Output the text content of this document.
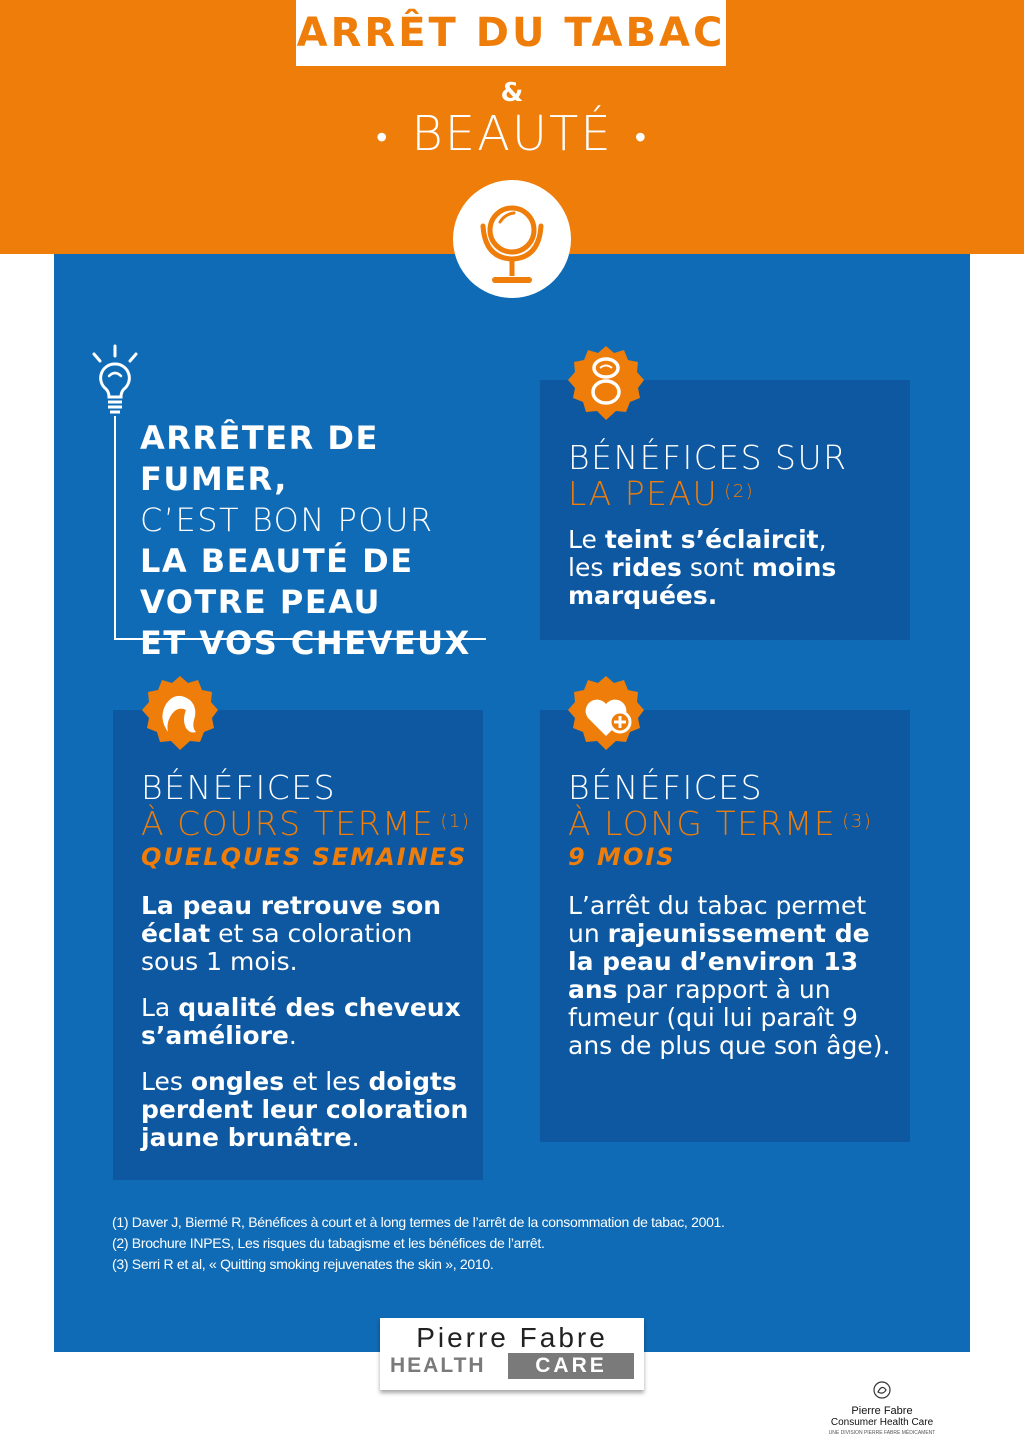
ARRÊT DU TABAC
&
• BEAUTÉ •
ARRÊTER DE FUMER,
C’EST BON POUR
LA BEAUTÉ DE
VOTRE PEAU
ET VOS CHEVEUX
BÉNÉFICES SUR
LA PEAU $^{(2)}$
Le teint s’éclaircit,
les rides sont moins marquées.
BÉNÉFICES
À COURS TERME $^{(1)}$
QUELQUES SEMAINES

La peau retrouve son éclat et sa coloration sous 1 mois.

La qualité des cheveux s’améliore.

Les ongles et les doigts perdent leur coloration jaune brunâtre.

BÉNÉFICES
À LONG TERME $^{(3)}$
9 MOIS
L’arrêt du tabac permet un rajeunissement de la peau d’environ 13 ans par rapport à un fumeur (qui lui paraît 9 ans de plus que son âge).
(1) Daver J, Biermé R, Bénéfices à court et à long termes de l’arrêt de la consommation de tabac, 2001.
(2) Brochure INPES, Les risques du tabagisme et les bénéfices de l’arrêt.
(3) Serri R et al, « Quitting smoking rejuvenates the skin », 2010.
Pierre Fabre
HEALTH	CARE
Pierre Fabre
Consumer Health Care
UNE DIVISION PIERRE FABRE MÉDICAMENT
